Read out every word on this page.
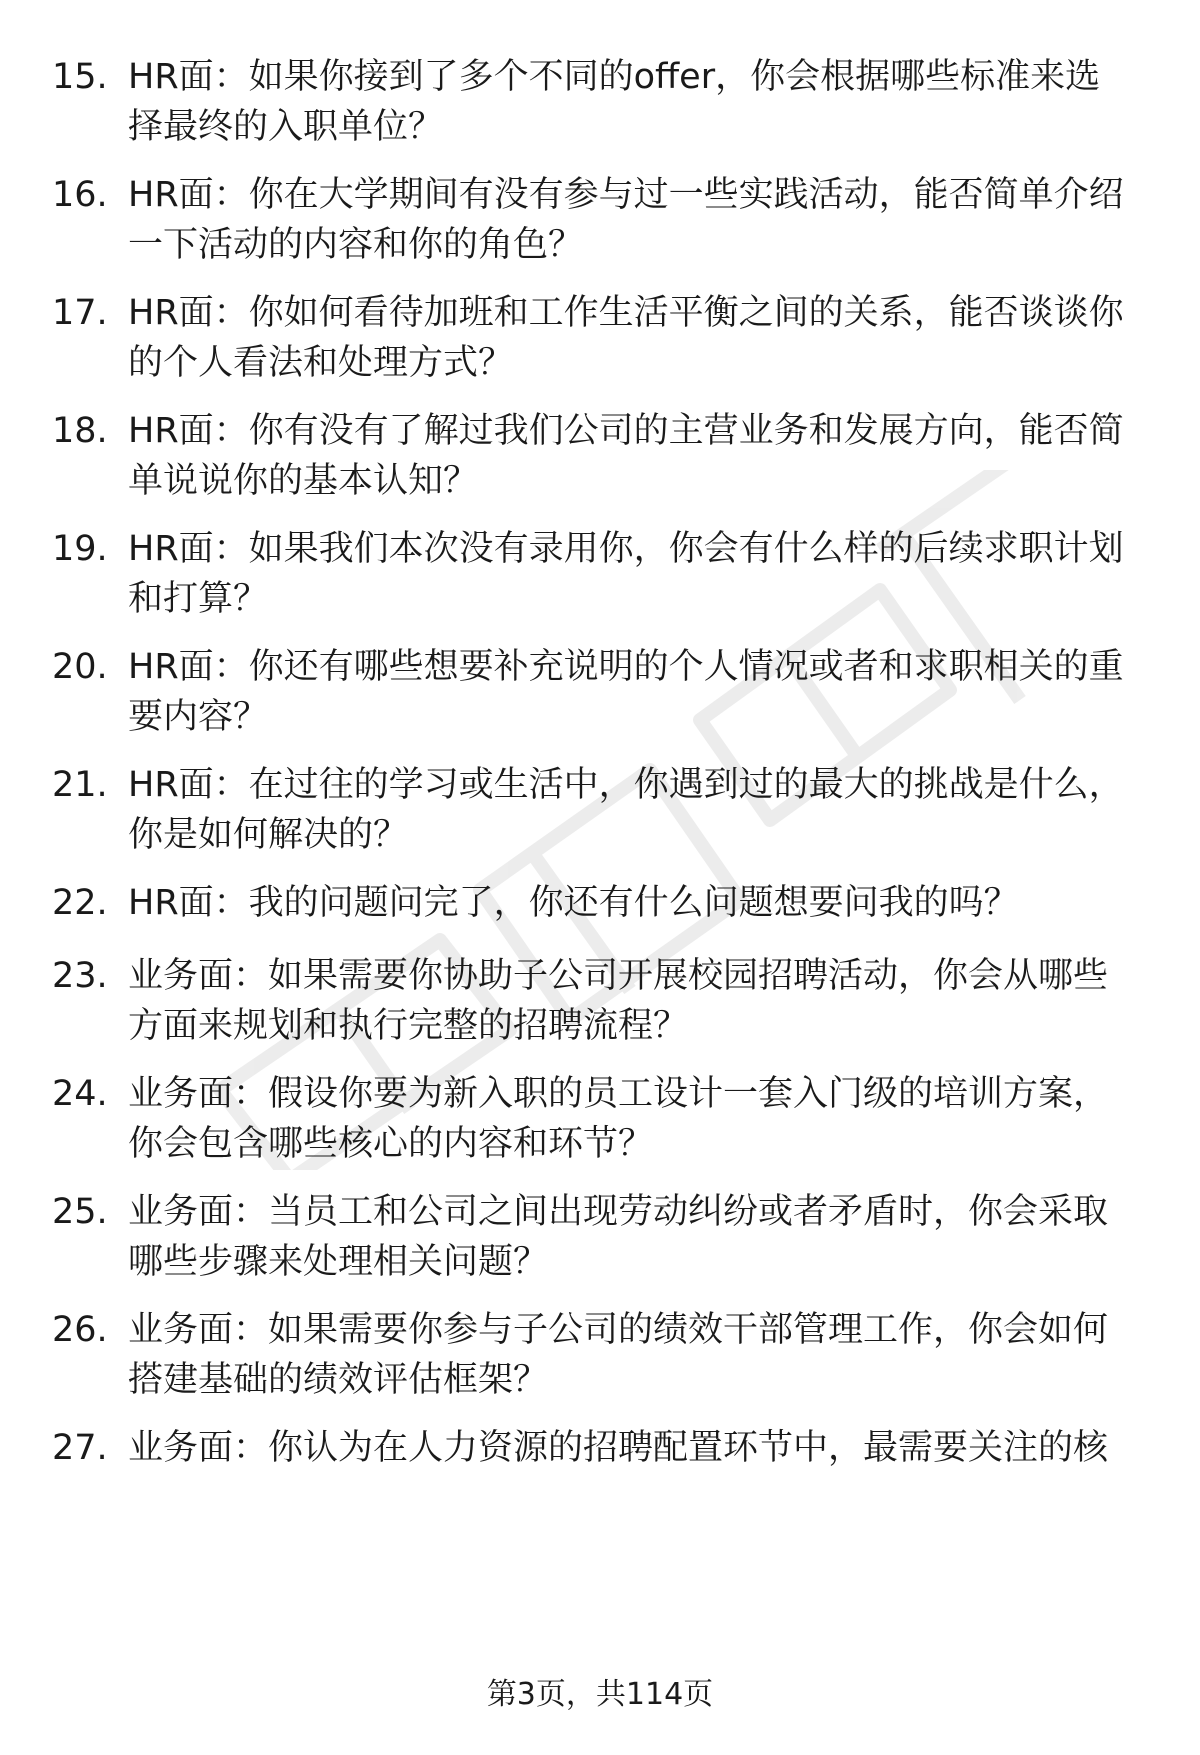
15. HR面：如果你接到了多个不同的offer，你会根据哪些标准来选
择最终的入职单位？
16. HR面：你在大学期间有没有参与过一些实践活动，能否简单介绍
一下活动的内容和你的角色？
17. HR面：你如何看待加班和工作生活平衡之间的关系，能否谈谈你
的个人看法和处理方式？
18. HR面：你有没有了解过我们公司的主营业务和发展方向，能否简
单说说你的基本认知？
19. HR面：如果我们本次没有录用你，你会有什么样的后续求职计划
和打算？
20. HR面：你还有哪些想要补充说明的个人情况或者和求职相关的重
要内容？
21. HR面：在过往的学习或生活中，你遇到过的最大的挑战是什么，
你是如何解决的？
22. HR面：我的问题问完了，你还有什么问题想要问我的吗？
23. 业务面：如果需要你协助子公司开展校园招聘活动，你会从哪些
方面来规划和执行完整的招聘流程？
24. 业务面：假设你要为新入职的员工设计一套入门级的培训方案，
你会包含哪些核心的内容和环节？
25. 业务面：当员工和公司之间出现劳动纠纷或者矛盾时，你会采取
哪些步骤来处理相关问题？
26. 业务面：如果需要你参与子公司的绩效干部管理工作，你会如何
搭建基础的绩效评估框架？
27. 业务面：你认为在人力资源的招聘配置环节中，最需要关注的核
第3页，共114页
